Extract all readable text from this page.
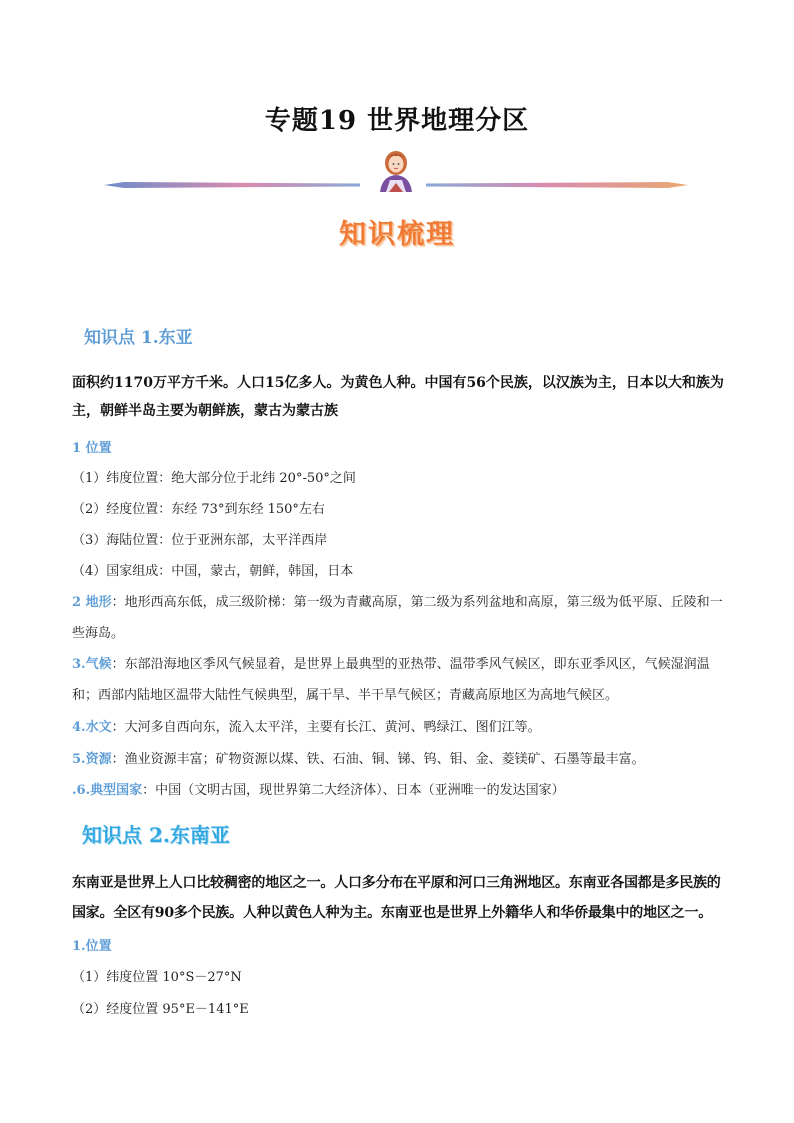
专题19 世界地理分区
知识梳理
知识点 1.东亚
面积约1170万平方千米。人口15亿多人。为黄色人种。中国有56个民族，以汉族为主，日本以大和族为主，朝鲜半岛主要为朝鲜族，蒙古为蒙古族
1 位置
（1）纬度位置：绝大部分位于北纬 20°-50°之间
（2）经度位置：东经 73°到东经 150°左右
（3）海陆位置：位于亚洲东部，太平洋西岸
（4）国家组成：中国，蒙古，朝鲜，韩国，日本
2 地形：地形西高东低，成三级阶梯：第一级为青藏高原，第二级为系列盆地和高原，第三级为低平原、丘陵和一些海岛。
3.气候：东部沿海地区季风气候显着，是世界上最典型的亚热带、温带季风气候区，即东亚季风区，气候湿润温和；西部内陆地区温带大陆性气候典型，属干旱、半干旱气候区；青藏高原地区为高地气候区。
4.水文：大河多自西向东，流入太平洋，主要有长江、黄河、鸭绿江、图们江等。
5.资源：渔业资源丰富；矿物资源以煤、铁、石油、铜、锑、钨、钼、金、菱镁矿、石墨等最丰富。
.6.典型国家：中国（文明古国，现世界第二大经济体）、日本（亚洲唯一的发达国家）
知识点 2.东南亚
东南亚是世界上人口比较稠密的地区之一。人口多分布在平原和河口三角洲地区。东南亚各国都是多民族的国家。全区有90多个民族。人种以黄色人种为主。东南亚也是世界上外籍华人和华侨最集中的地区之一。
1.位置
（1）纬度位置 10°S－27°N
（2）经度位置 95°E－141°E
